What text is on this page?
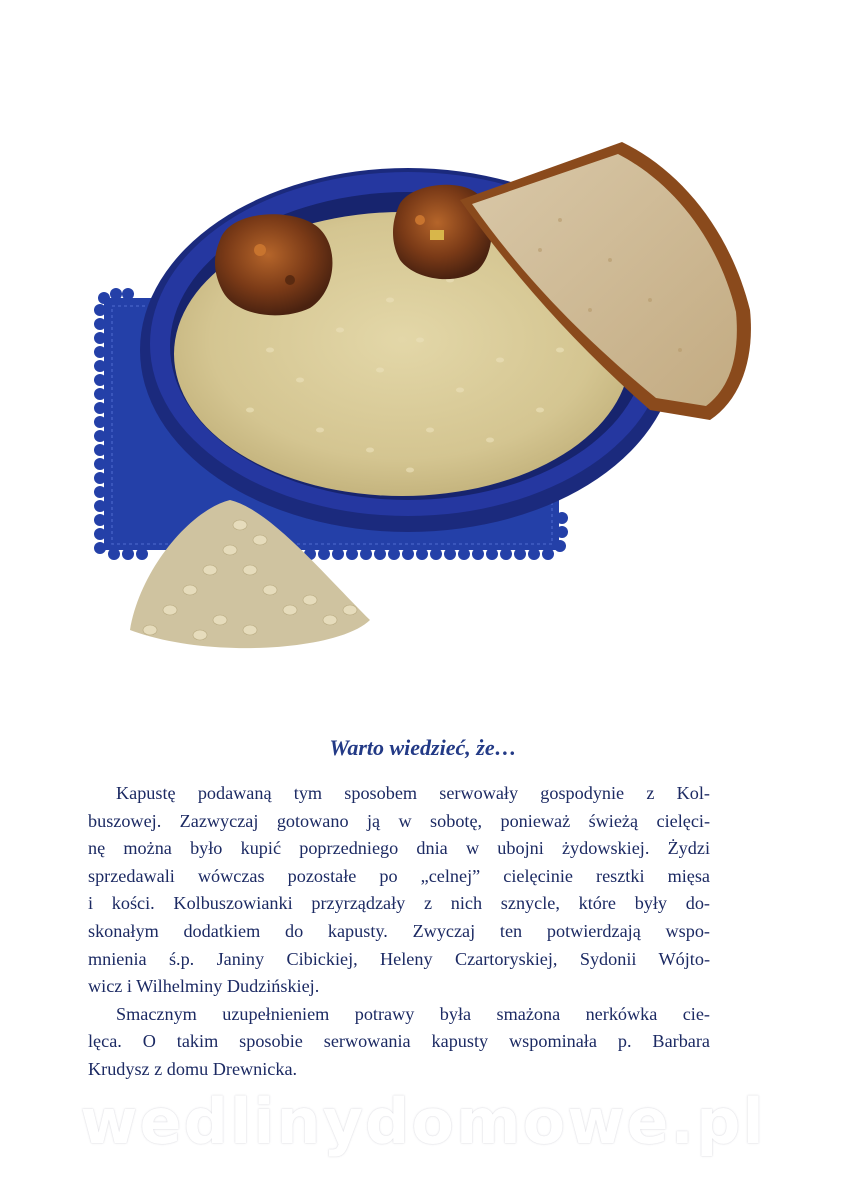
Warto wiedzieć, że…
Kapustę podawaną tym sposobem serwowały gospodynie z Kol-
buszowej. Zazwyczaj gotowano ją w sobotę, ponieważ świeżą cielęci-
nę można było kupić poprzedniego dnia w ubojni żydowskiej. Żydzi
sprzedawali wówczas pozostałe po „celnej” cielęcinie resztki mięsa
i kości. Kolbuszowianki przyrządzały z nich sznycle, które były do-
skonałym dodatkiem do kapusty. Zwyczaj ten potwierdzają wspo-
mnienia ś.p. Janiny Cibickiej, Heleny Czartoryskiej, Sydonii Wójto-
wicz i Wilhelminy Dudzińskiej.
Smacznym uzupełnieniem potrawy była smażona nerkówka cie-
lęca. O takim sposobie serwowania kapusty wspominała p. Barbara
Krudysz z domu Drewnicka.
wedlinydomowe.pl
